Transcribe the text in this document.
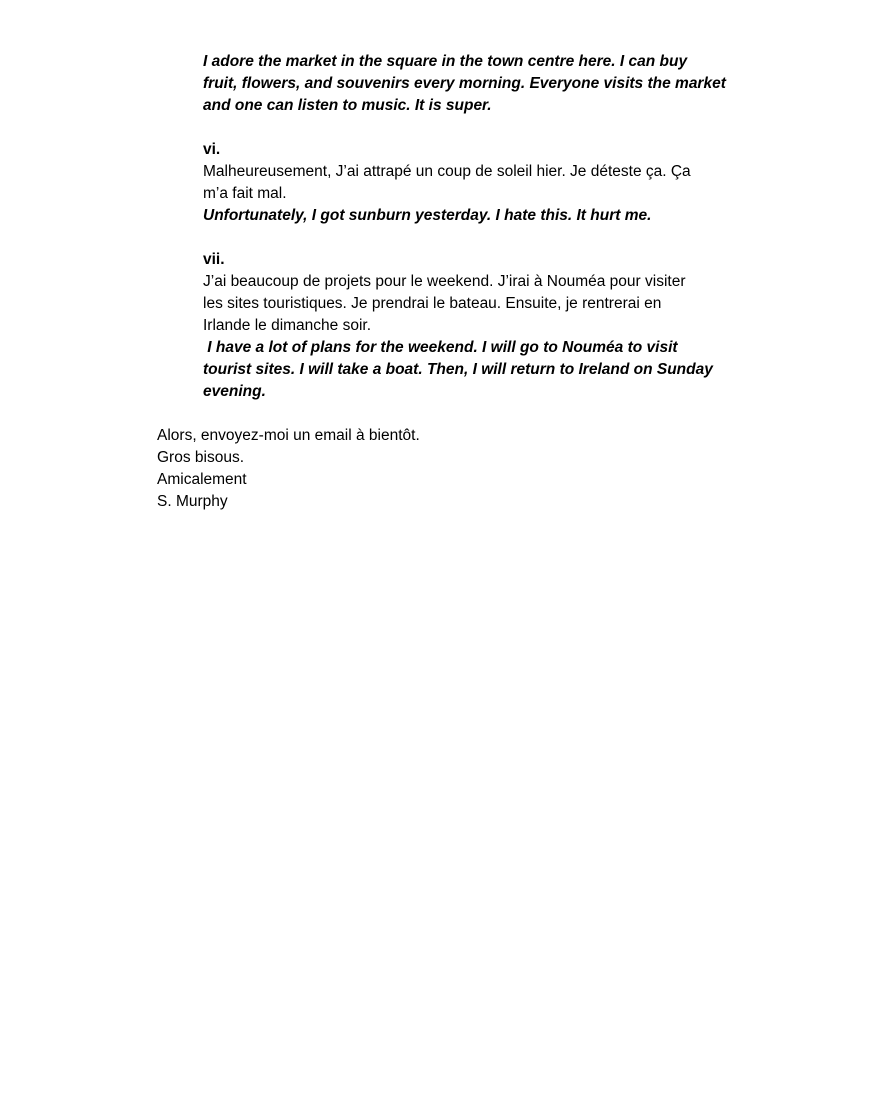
I adore the market in the square in the town centre here. I can buy
fruit, flowers, and souvenirs every morning. Everyone visits the market
and one can listen to music. It is super.
vi.
Malheureusement, J’ai attrapé un coup de soleil hier. Je déteste ça. Ça
m’a fait mal.
Unfortunately, I got sunburn yesterday. I hate this. It hurt me.
vii.
J’ai beaucoup de projets pour le weekend. J’irai à Nouméa pour visiter
les sites touristiques. Je prendrai le bateau. Ensuite, je rentrerai en
Irlande le dimanche soir.
I have a lot of plans for the weekend. I will go to Nouméa to visit
tourist sites. I will take a boat. Then, I will return to Ireland on Sunday
evening.
Alors, envoyez-moi un email à bientôt.
Gros bisous.
Amicalement
S. Murphy
